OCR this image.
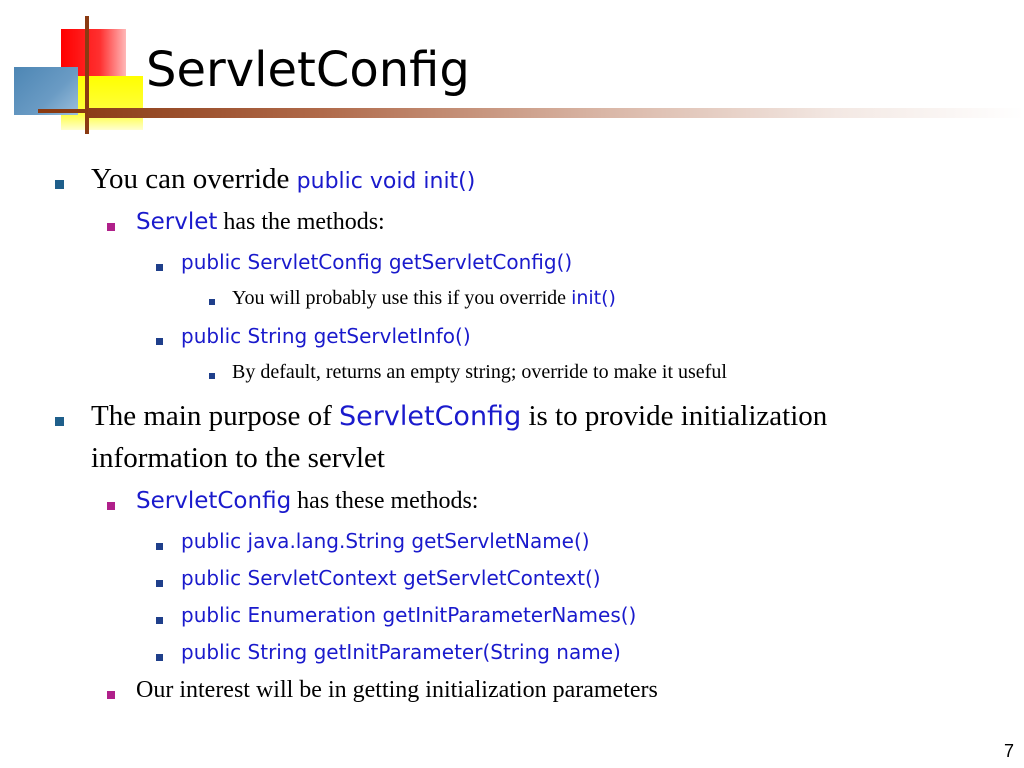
ServletConfig
You can override public void init()
Servlet has the methods:
public ServletConfig getServletConfig()
You will probably use this if you override init()
public String getServletInfo()
By default, returns an empty string; override to make it useful
The main purpose of ServletConfig is to provide initialization
information to the servlet
ServletConfig has these methods:
public java.lang.String getServletName()
public ServletContext getServletContext()
public Enumeration getInitParameterNames()
public String getInitParameter(String name)
Our interest will be in getting initialization parameters
7
